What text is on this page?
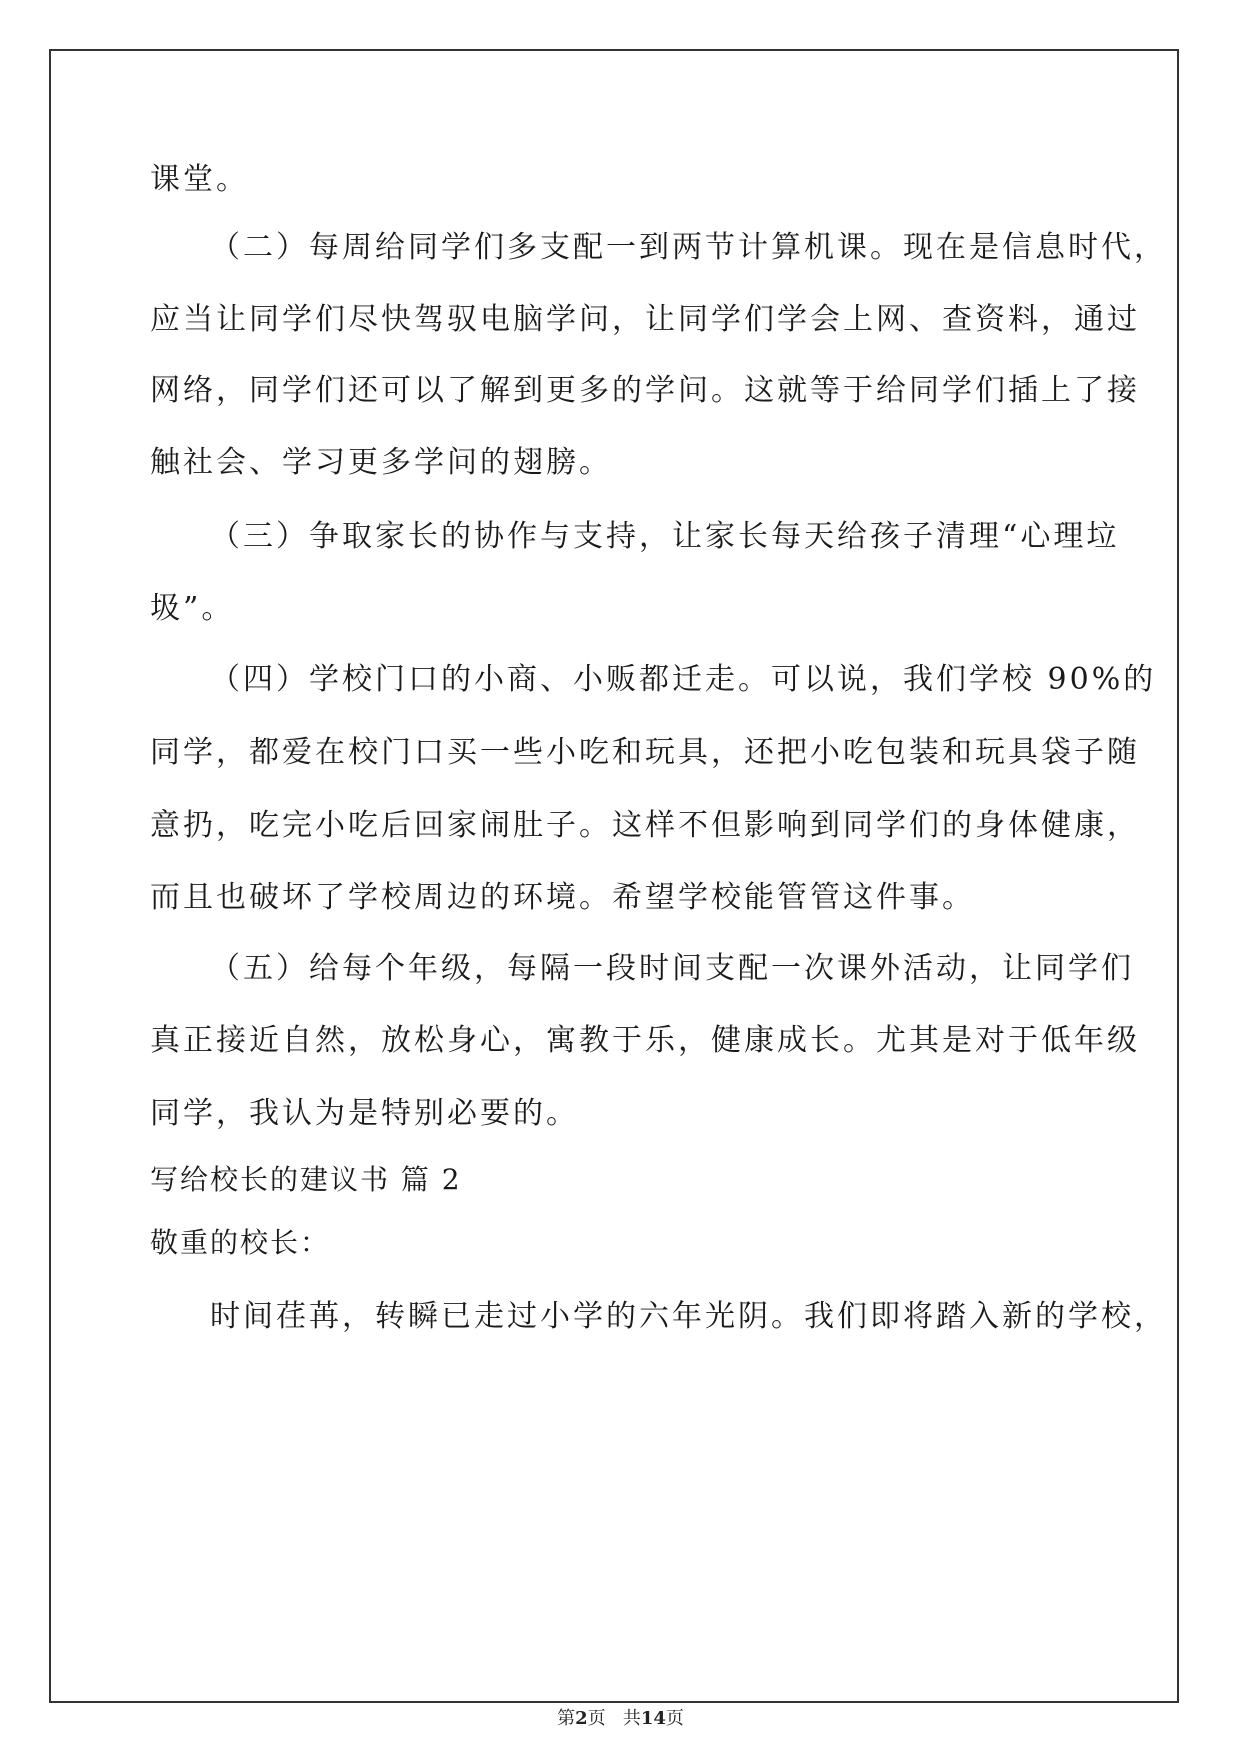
课堂。

（二）每周给同学们多支配一到两节计算机课。现在是信息时代，

应当让同学们尽快驾驭电脑学问，让同学们学会上网、查资料，通过

网络，同学们还可以了解到更多的学问。这就等于给同学们插上了接

触社会、学习更多学问的翅膀。

（三）争取家长的协作与支持，让家长每天给孩子清理“心理垃

圾”。

（四）学校门口的小商、小贩都迁走。可以说，我们学校 90%的

同学，都爱在校门口买一些小吃和玩具，还把小吃包装和玩具袋子随

意扔，吃完小吃后回家闹肚子。这样不但影响到同学们的身体健康，

而且也破坏了学校周边的环境。希望学校能管管这件事。

（五）给每个年级，每隔一段时间支配一次课外活动，让同学们

真正接近自然，放松身心，寓教于乐，健康成长。尤其是对于低年级

同学，我认为是特别必要的。

写给校长的建议书 篇 2

敬重的校长：

时间荏苒，转瞬已走过小学的六年光阴。我们即将踏入新的学校，

第2页 共14页
